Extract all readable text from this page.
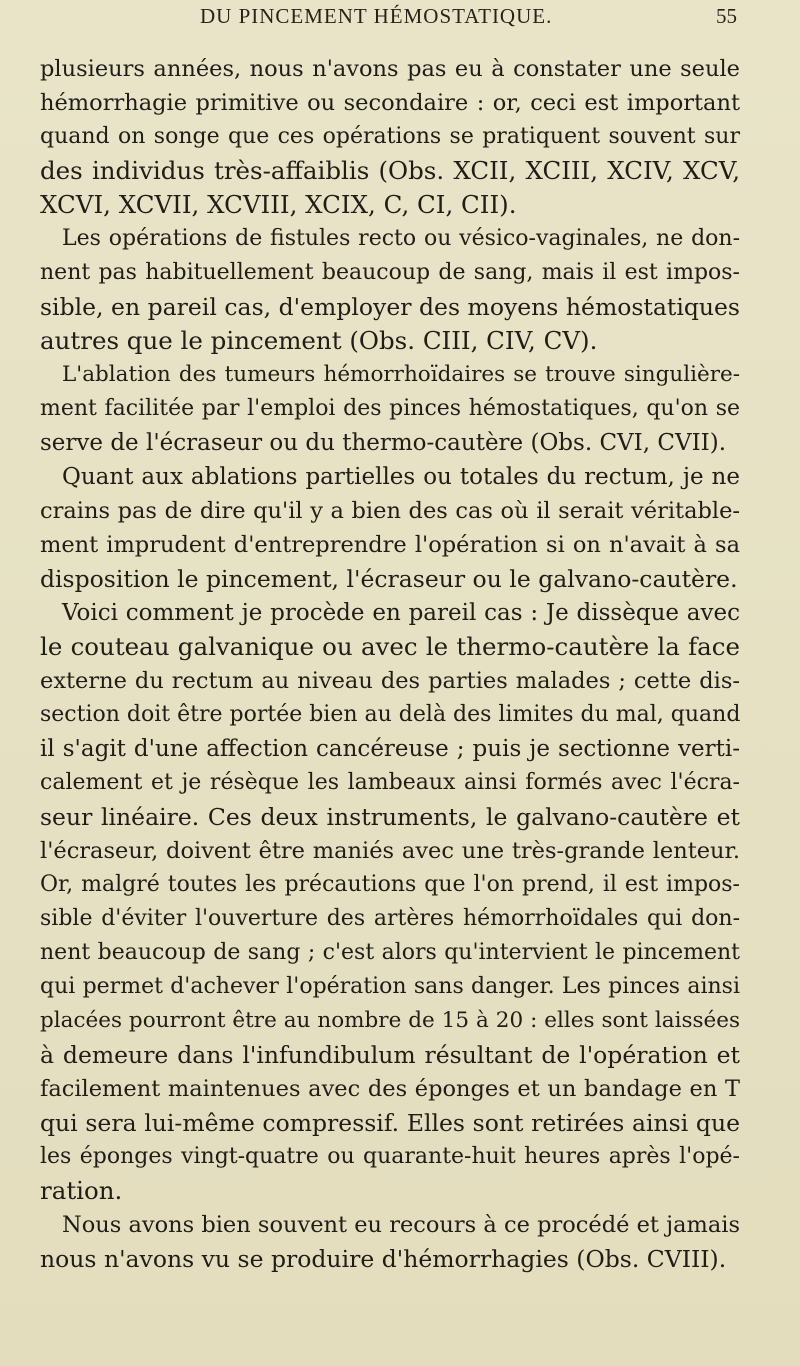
DU PINCEMENT HÉMOSTATIQUE.	55
plusieurs années, nous n'avons pas eu à constater une seule
hémorrhagie primitive ou secondaire : or, ceci est important
quand on songe que ces opérations se pratiquent souvent sur
des individus très-affaiblis (Obs. XCII, XCIII, XCIV, XCV,
XCVI, XCVII, XCVIII, XCIX, C, CI, CII).
Les opérations de fistules recto ou vésico-vaginales, ne don-
nent pas habituellement beaucoup de sang, mais il est impos-
sible, en pareil cas, d'employer des moyens hémostatiques
autres que le pincement (Obs. CIII, CIV, CV).
L'ablation des tumeurs hémorrhoïdaires se trouve singulière-
ment facilitée par l'emploi des pinces hémostatiques, qu'on se
serve de l'écraseur ou du thermo-cautère (Obs. CVI, CVII).
Quant aux ablations partielles ou totales du rectum, je ne
crains pas de dire qu'il y a bien des cas où il serait véritable-
ment imprudent d'entreprendre l'opération si on n'avait à sa
disposition le pincement, l'écraseur ou le galvano-cautère.
Voici comment je procède en pareil cas : Je dissèque avec
le couteau galvanique ou avec le thermo-cautère la face
externe du rectum au niveau des parties malades ; cette dis-
section doit être portée bien au delà des limites du mal, quand
il s'agit d'une affection cancéreuse ; puis je sectionne verti-
calement et je résèque les lambeaux ainsi formés avec l'écra-
seur linéaire. Ces deux instruments, le galvano-cautère et
l'écraseur, doivent être maniés avec une très-grande lenteur.
Or, malgré toutes les précautions que l'on prend, il est impos-
sible d'éviter l'ouverture des artères hémorrhoïdales qui don-
nent beaucoup de sang ; c'est alors qu'intervient le pincement
qui permet d'achever l'opération sans danger. Les pinces ainsi
placées pourront être au nombre de 15 à 20 : elles sont laissées
à demeure dans l'infundibulum résultant de l'opération et
facilement maintenues avec des éponges et un bandage en T
qui sera lui-même compressif. Elles sont retirées ainsi que
les éponges vingt-quatre ou quarante-huit heures après l'opé-
ration.
Nous avons bien souvent eu recours à ce procédé et jamais
nous n'avons vu se produire d'hémorrhagies (Obs. CVIII).
